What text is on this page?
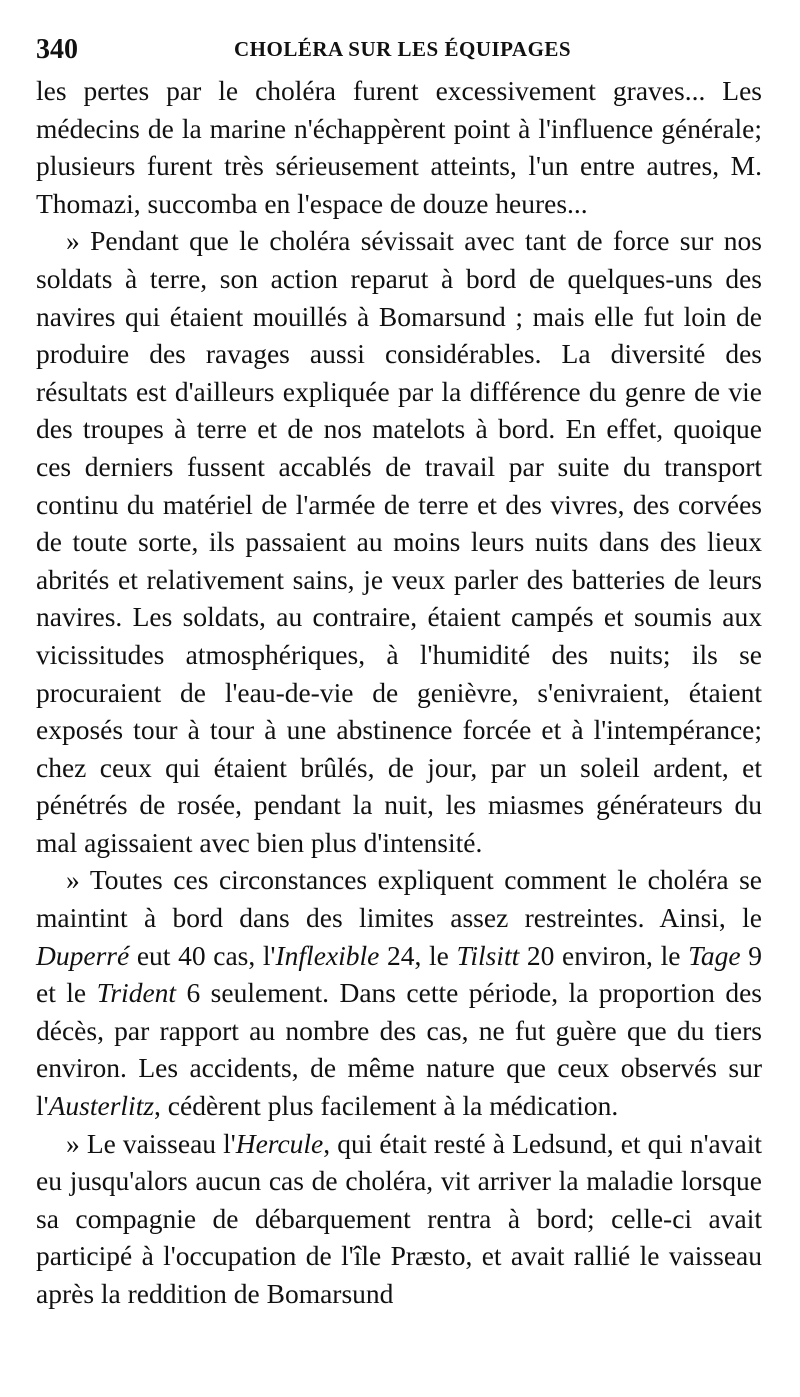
340	CHOLÉRA SUR LES ÉQUIPAGES

les pertes par le choléra furent excessivement graves... Les médecins de la marine n'échappèrent point à l'influence générale; plusieurs furent très sérieusement atteints, l'un entre autres, M. Thomazi, succomba en l'espace de douze heures...

» Pendant que le choléra sévissait avec tant de force sur nos soldats à terre, son action reparut à bord de quelques-uns des navires qui étaient mouillés à Bomarsund ; mais elle fut loin de produire des ravages aussi considérables. La diversité des résultats est d'ailleurs expliquée par la différence du genre de vie des troupes à terre et de nos matelots à bord. En effet, quoique ces derniers fussent accablés de travail par suite du transport continu du matériel de l'armée de terre et des vivres, des corvées de toute sorte, ils passaient au moins leurs nuits dans des lieux abrités et relativement sains, je veux parler des batteries de leurs navires. Les soldats, au contraire, étaient campés et soumis aux vicissitudes atmosphériques, à l'humidité des nuits; ils se procuraient de l'eau-de-vie de genièvre, s'enivraient, étaient exposés tour à tour à une abstinence forcée et à l'intempérance; chez ceux qui étaient brûlés, de jour, par un soleil ardent, et pénétrés de rosée, pendant la nuit, les miasmes générateurs du mal agissaient avec bien plus d'intensité.

» Toutes ces circonstances expliquent comment le choléra se maintint à bord dans des limites assez restreintes. Ainsi, le Duperré eut 40 cas, l'Inflexible 24, le Tilsitt 20 environ, le Tage 9 et le Trident 6 seulement. Dans cette période, la proportion des décès, par rapport au nombre des cas, ne fut guère que du tiers environ. Les accidents, de même nature que ceux observés sur l'Austerlitz, cédèrent plus facilement à la médication.

» Le vaisseau l'Hercule, qui était resté à Ledsund, et qui n'avait eu jusqu'alors aucun cas de choléra, vit arriver la maladie lorsque sa compagnie de débarquement rentra à bord; celle-ci avait participé à l'occupation de l'île Præsto, et avait rallié le vaisseau après la reddition de Bomarsund
